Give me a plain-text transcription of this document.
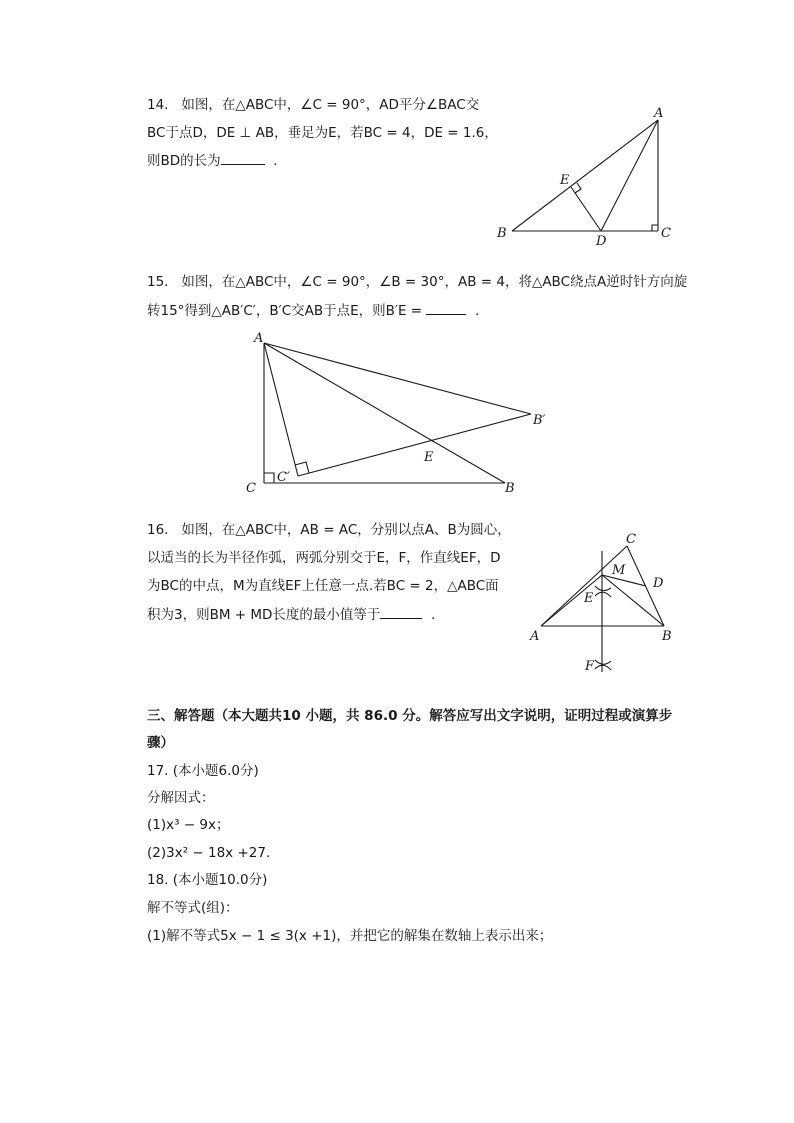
14. 如图，在△ABC中，∠C = 90°，AD平分∠BAC交
BC于点D，DE ⊥ AB，垂足为E，若BC = 4，DE = 1.6，
则BD的长为	.
A
B	C
D
E
15. 如图，在△ABC中，∠C = 90°，∠B = 30°，AB = 4，将△ABC绕点A逆时针方向旋
转15°得到△AB′C′，B′C交AB于点E，则B′E =	.
A
B
C
B′
C′
E
16. 如图，在△ABC中，AB = AC，分别以点A、B为圆心，
以适当的长为半径作弧，两弧分别交于E，F，作直线EF，D
为BC的中点，M为直线EF上任意一点.若BC = 2，△ABC面
积为3，则BM + MD长度的最小值等于	.
A	B
C
D
E
F
M
三、解答题（本大题共10 小题，共 86.0 分。解答应写出文字说明，证明过程或演算步
骤）
17. (本小题6.0分)
分解因式：
(1)x³ − 9x；
(2)3x² − 18x +27.
18. (本小题10.0分)
解不等式(组)：
(1)解不等式5x − 1 ≤ 3(x +1)，并把它的解集在数轴上表示出来；
